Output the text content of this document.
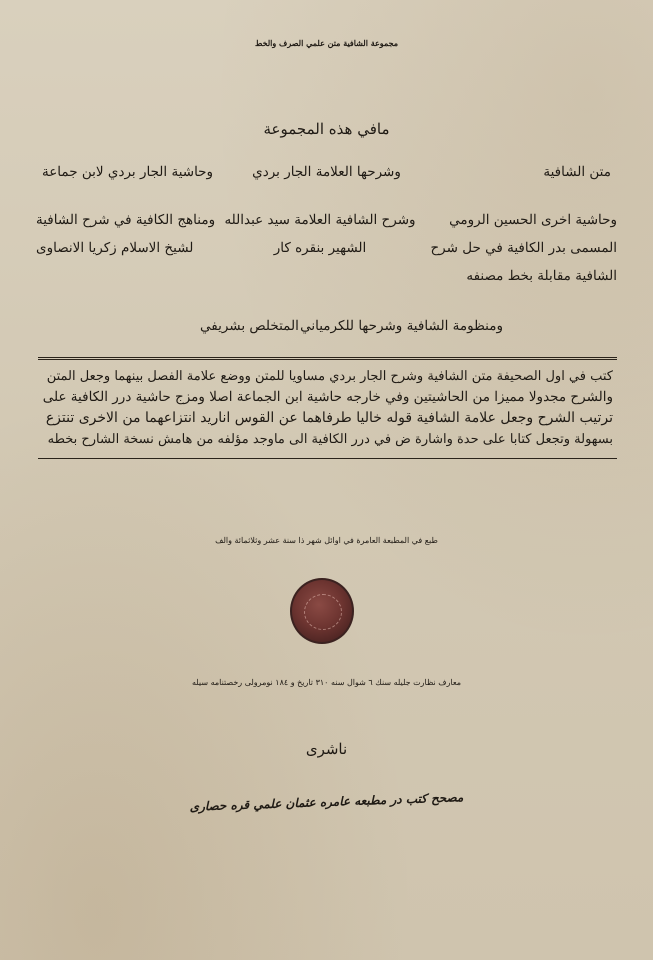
مجموعة الشافية متن علمي الصرف والخط
مافي هذه المجموعة
متن الشافية
وشرحها العلامة الجار بردي
وحاشية الجار بردي لابن جماعة
وحاشية اخرى الحسين الرومي
المسمى بدر الكافية في حل شرح
الشافية مقابلة بخط مصنفه
وشرح الشافية العلامة سيد عبدالله
الشهير بنقره كار
ومناهج الكافية في شرح الشافية
لشيخ الاسلام زكريا الانصاوى
ومنظومة الشافية وشرحها للكرمياني
المتخلص بشريفي
كتب في اول الصحيفة متن الشافية وشرح الجار بردي مساويا للمتن ووضع علامة الفصل بينهما وجعل المتن
والشرح مجدولا مميزا من الحاشيتين وفي خارجه حاشية ابن الجماعة اصلا ومزج حاشية درر الكافية على
ترتيب الشرح وجعل علامة الشافية قوله خاليا طرفاهما عن القوس اناريد انتزاعهما من الاخرى تنتزع
بسهولة وتجعل كتابا على حدة واشارة ض في درر الكافية الى ماوجد مؤلفه من هامش نسخة الشارح بخطه
طبع في المطبعة العامرة في اوائل شهر ذا سنة عشر وثلاثمائة والف
معارف نظارت جليله سنك ٦ شوال سنه ٣١٠ تاريخ و ١٨٤ نومرولى رخصتنامه سيله
ناشرى
مصحح كتب در مطبعه عامره عثمان علمي قره حصارى
